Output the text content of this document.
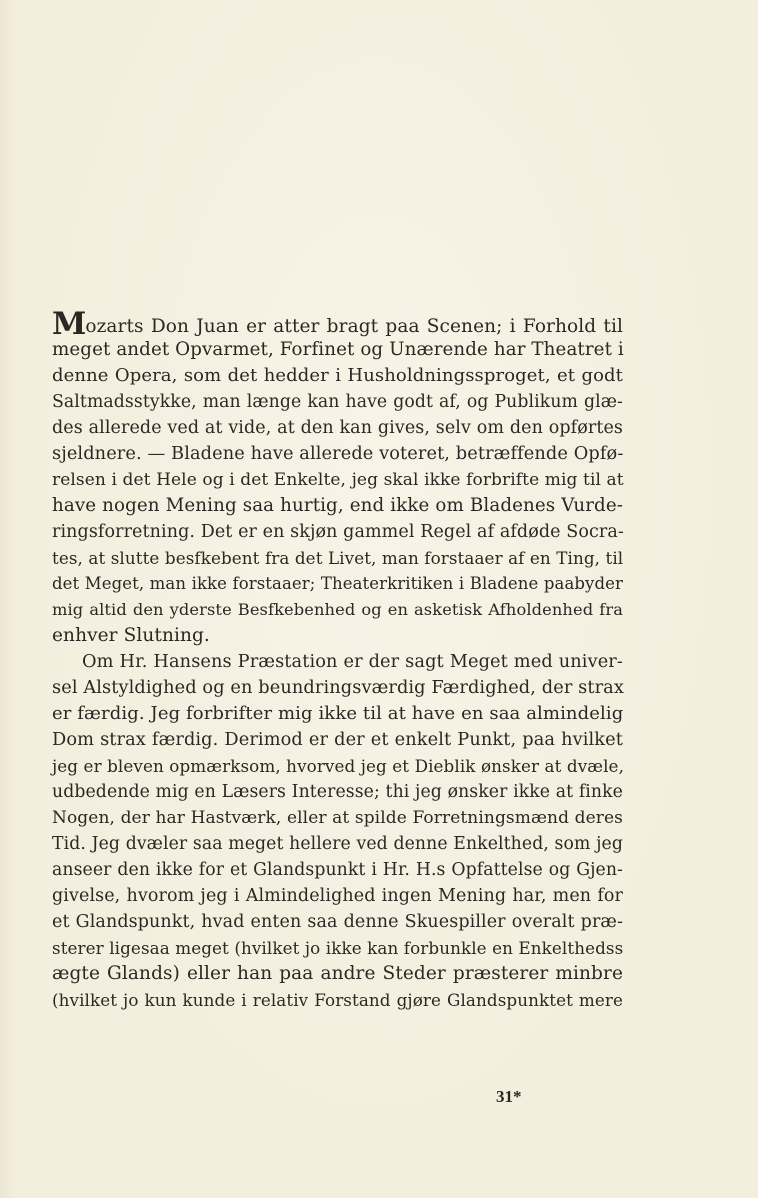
Mozarts Don Juan er atter bragt paa Scenen; i Forhold til
meget andet Opvarmet, Forfinet og Unærende har Theatret i
denne Opera, som det hedder i Husholdningssproget, et godt
Saltmadsstykke, man længe kan have godt af, og Publikum glæ-
des allerede ved at vide, at den kan gives, selv om den opførtes
sjeldnere. — Bladene have allerede voteret, betræffende Opfø-
relsen i det Hele og i det Enkelte, jeg skal ikke forbrifte mig til at
have nogen Mening saa hurtig, end ikke om Bladenes Vurde-
ringsforretning. Det er en skjøn gammel Regel af afdøde Socra-
tes, at slutte besfkebent fra det Livet, man forstaaer af en Ting, til
det Meget, man ikke forstaaer; Theaterkritiken i Bladene paabyder
mig altid den yderste Besfkebenhed og en asketisk Afholdenhed fra
enhver Slutning.
Om Hr. Hansens Præstation er der sagt Meget med univer-
sel Alstyldighed og en beundringsværdig Færdighed, der strax
er færdig. Jeg forbrifter mig ikke til at have en saa almindelig
Dom strax færdig. Derimod er der et enkelt Punkt, paa hvilket
jeg er bleven opmærksom, hvorved jeg et Dieblik ønsker at dvæle,
udbedende mig en Læsers Interesse; thi jeg ønsker ikke at finke
Nogen, der har Hastværk, eller at spilde Forretningsmænd deres
Tid. Jeg dvæler saa meget hellere ved denne Enkelthed, som jeg
anseer den ikke for et Glandspunkt i Hr. H.s Opfattelse og Gjen-
givelse, hvorom jeg i Almindelighed ingen Mening har, men for
et Glandspunkt, hvad enten saa denne Skuespiller overalt præ-
sterer ligesaa meget (hvilket jo ikke kan forbunkle en Enkelthedss
ægte Glands) eller han paa andre Steder præsterer minbre
(hvilket jo kun kunde i relativ Forstand gjøre Glandspunktet mere
31*
